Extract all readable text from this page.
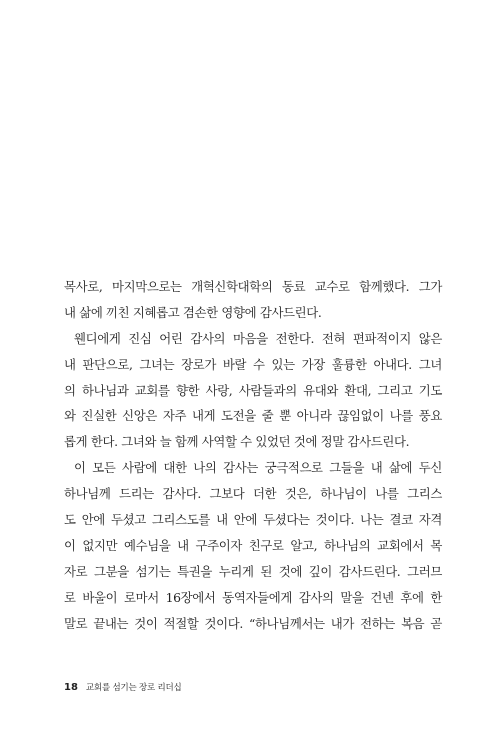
목사로, 마지막으로는 개혁신학대학의 동료 교수로 함께했다. 그가
내 삶에 끼친 지혜롭고 겸손한 영향에 감사드린다.
웬디에게 진심 어린 감사의 마음을 전한다. 전혀 편파적이지 않은
내 판단으로, 그녀는 장로가 바랄 수 있는 가장 훌륭한 아내다. 그녀
의 하나님과 교회를 향한 사랑, 사람들과의 유대와 환대, 그리고 기도
와 진실한 신앙은 자주 내게 도전을 줄 뿐 아니라 끊임없이 나를 풍요
롭게 한다. 그녀와 늘 함께 사역할 수 있었던 것에 정말 감사드린다.
이 모든 사람에 대한 나의 감사는 궁극적으로 그들을 내 삶에 두신
하나님께 드리는 감사다. 그보다 더한 것은, 하나님이 나를 그리스
도 안에 두셨고 그리스도를 내 안에 두셨다는 것이다. 나는 결코 자격
이 없지만 예수님을 내 구주이자 친구로 알고, 하나님의 교회에서 목
자로 그분을 섬기는 특권을 누리게 된 것에 깊이 감사드린다. 그러므
로 바울이 로마서 16장에서 동역자들에게 감사의 말을 건넨 후에 한
말로 끝내는 것이 적절할 것이다. “하나님께서는 내가 전하는 복음 곧
18 교회를 섬기는 장로 리더십
